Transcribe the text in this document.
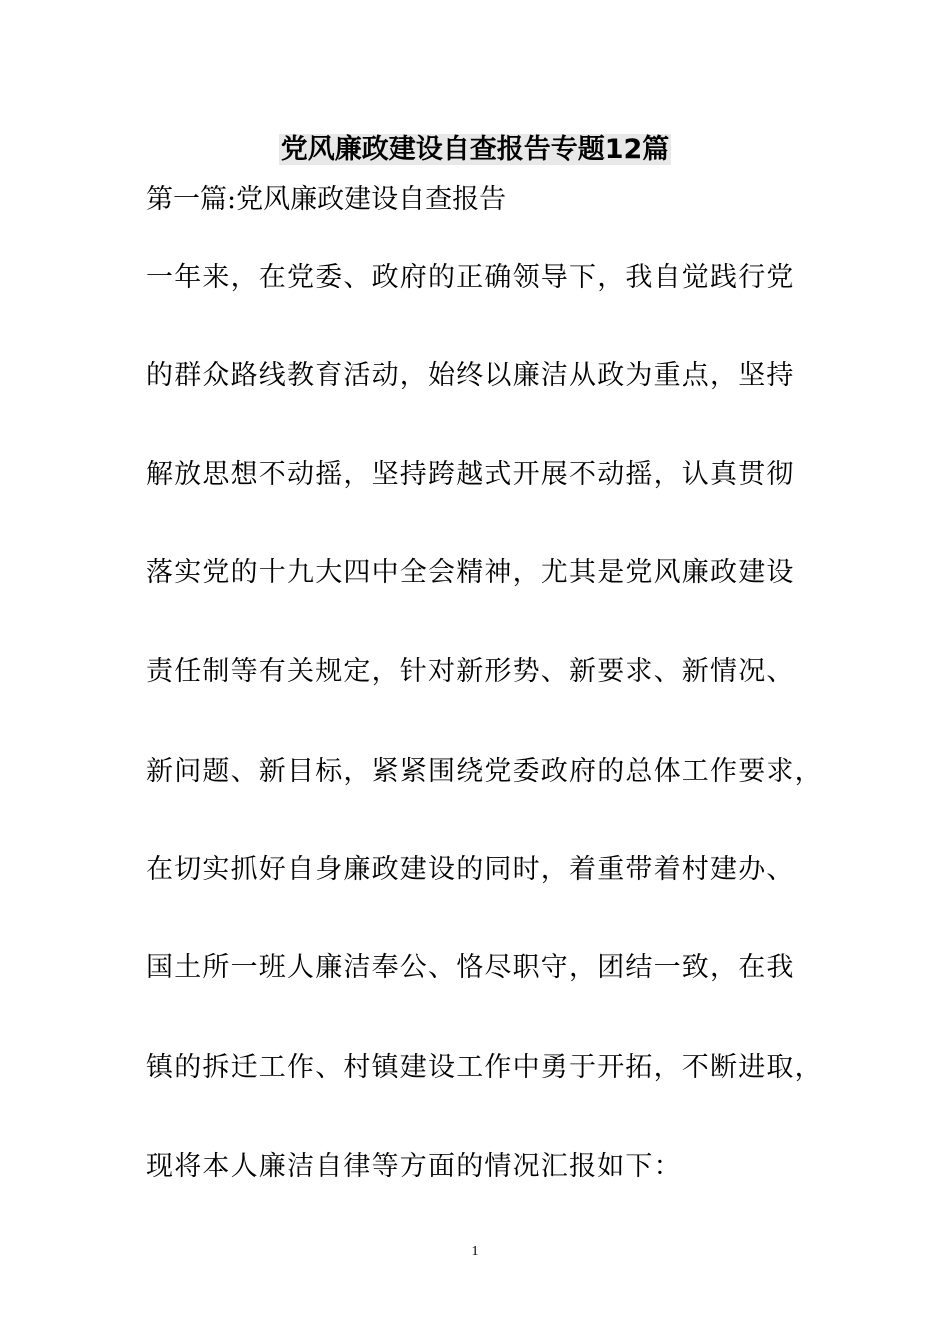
党风廉政建设自查报告专题12篇
第一篇:党风廉政建设自查报告
一年来，在党委、政府的正确领导下，我自觉践行党
的群众路线教育活动，始终以廉洁从政为重点，坚持
解放思想不动摇，坚持跨越式开展不动摇，认真贯彻
落实党的十九大四中全会精神，尤其是党风廉政建设
责任制等有关规定，针对新形势、新要求、新情况、
新问题、新目标，紧紧围绕党委政府的总体工作要求，
在切实抓好自身廉政建设的同时，着重带着村建办、
国土所一班人廉洁奉公、恪尽职守，团结一致，在我
镇的拆迁工作、村镇建设工作中勇于开拓，不断进取，
现将本人廉洁自律等方面的情况汇报如下：
1
